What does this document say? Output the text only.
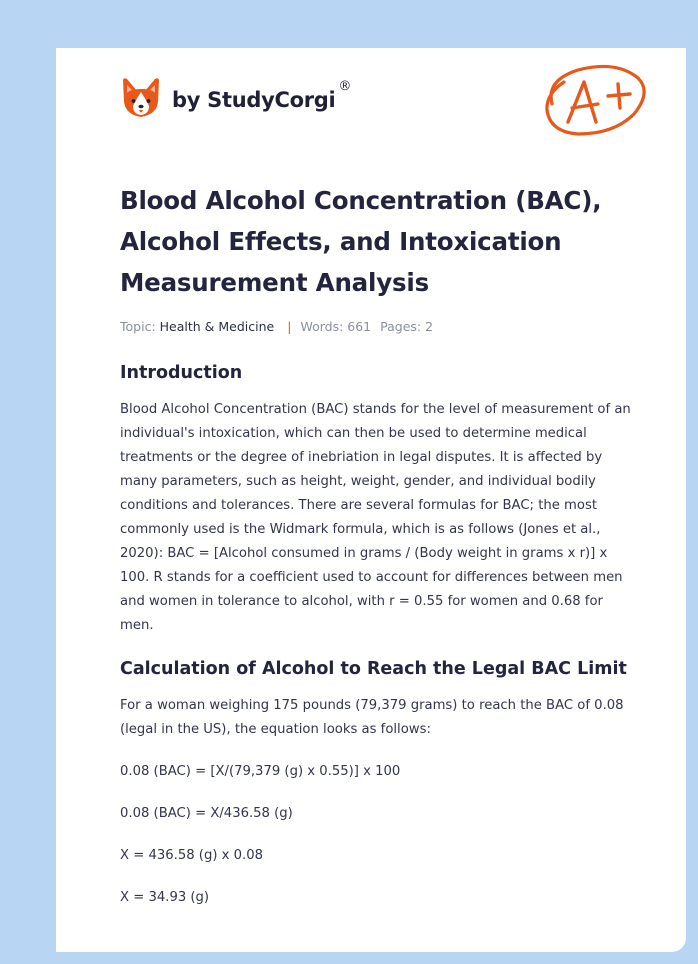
by StudyCorgi
®
Blood Alcohol Concentration (BAC), Alcohol Effects, and Intoxication Measurement Analysis
Topic: Health & Medicine | Words: 661 Pages: 2
Introduction

Blood Alcohol Concentration (BAC) stands for the level of measurement of an individual's intoxication, which can then be used to determine medical treatments or the degree of inebriation in legal disputes. It is affected by many parameters, such as height, weight, gender, and individual bodily conditions and tolerances. There are several formulas for BAC; the most commonly used is the Widmark formula, which is as follows (Jones et al., 2020): BAC = [Alcohol consumed in grams / (Body weight in grams x r)] x 100. R stands for a coefficient used to account for differences between men and women in tolerance to alcohol, with r = 0.55 for women and 0.68 for men.

Calculation of Alcohol to Reach the Legal BAC Limit

For a woman weighing 175 pounds (79,379 grams) to reach the BAC of 0.08 (legal in the US), the equation looks as follows:

0.08 (BAC) = [X/(79,379 (g) x 0.55)] x 100

0.08 (BAC) = X/436.58 (g)

X = 436.58 (g) x 0.08

X = 34.93 (g)
